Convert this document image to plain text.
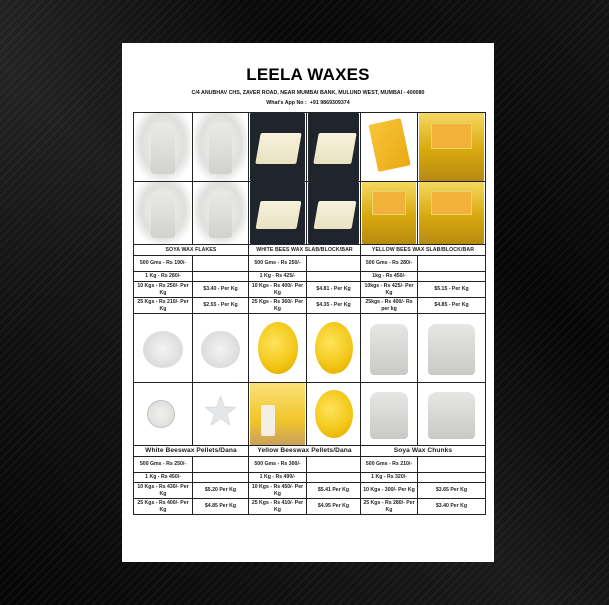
LEELA WAXES
C/4 ANUBHAV CHS, ZAVER ROAD, NEAR MUMBAI BANK, MULUND WEST, MUMBAI - 400080
What's App No : +91 9869309374

SOYA WAX FLAKES		WHITE BEES WAX SLAB/BLOCK/BAR		YELLOW BEES WAX SLAB/BLOCK/BAR	
500 Gms - Rs 190/-		500 Gms - Rs 250/-		500 Gms - Rs 280/-	
1 Kg - Rs 280/-		1 Kg - Rs 425/-		1kg - Rs 450/-	
10 Kgs - Rs 250/- Per Kg	$3.40 - Per Kg	10 Kgs - Rs 400/- Per Kg	$4.81 - Per Kg	10kgs - Rs 425/- Per Kg	$5.15 - Per Kg
25 Kgs - Rs 210/- Per Kg	$2.55 - Per Kg	25 Kgs - Rs 360/- Per Kg	$4.35 - Per Kg	25kgs - Rs 400/- Rs per kg	$4.85 - Per Kg

★

White Beeswax Pellets/Dana		Yellow Beeswax Pellets/Dana		Soya Wax Chunks	
500 Gms - Rs 250/-		500 Gms - Rs 300/-		500 Gms - Rs 210/-	
1 Kg - Rs 450/-		1 Kg - Rs 490/-		1 Kg - Rs 320/-	
10 Kgs - Rs 430/- Per Kg	$5.20 Per Kg	10 Kgs - Rs 450/- Per Kg	$5.41 Per Kg	10 Kgs - 300/- Per Kg	$3.65 Per Kg
25 Kgs - Rs 400/- Per Kg	$4.85 Per Kg	25 Kgs - Rs 410/- Per Kg	$4.95 Per Kg	25 Kgs - Rs 280/- Per Kg	$3.40 Per Kg
